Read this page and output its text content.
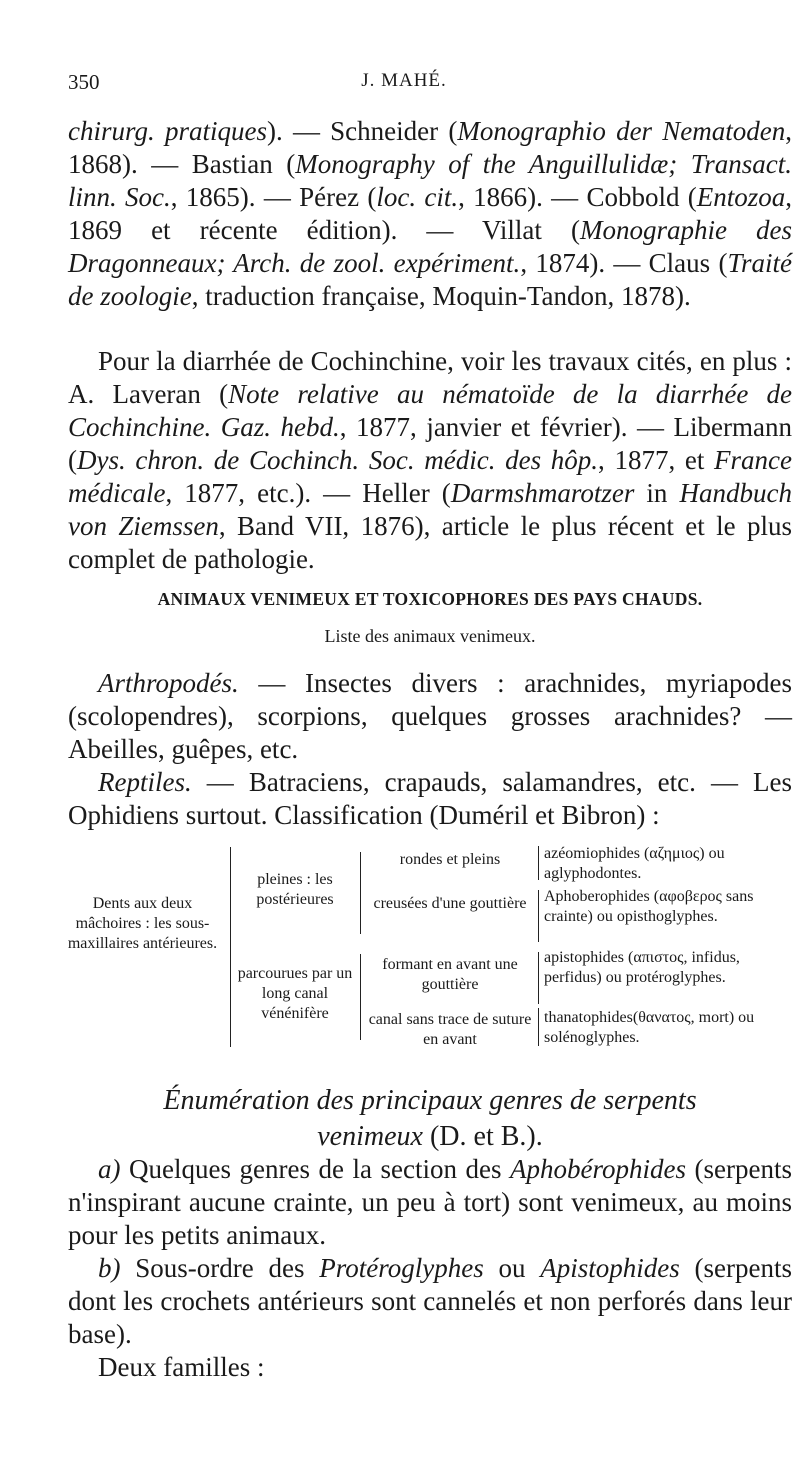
350	J. MAHÉ.

chirurg. pratiques). — Schneider (Monographio der Nematoden, 1868). — Bastian (Monography of the Anguillulidæ; Transact. linn. Soc., 1865). — Pérez (loc. cit., 1866). — Cobbold (Entozoa, 1869 et récente édition). — Villat (Monographie des Dragonneaux; Arch. de zool. expériment., 1874). — Claus (Traité de zoologie, traduction française, Moquin-Tandon, 1878).

Pour la diarrhée de Cochinchine, voir les travaux cités, en plus : A. Laveran (Note relative au nématoïde de la diarrhée de Cochinchine. Gaz. hebd., 1877, janvier et février). — Libermann (Dys. chron. de Cochinch. Soc. médic. des hôp., 1877, et France médicale, 1877, etc.). — Heller (Darmshmarotzer in Handbuch von Ziemssen, Band VII, 1876), article le plus récent et le plus complet de pathologie.

ANIMAUX VENIMEUX ET TOXICOPHORES DES PAYS CHAUDS.
Liste des animaux venimeux.

Arthropodés. — Insectes divers : arachnides, myriapodes (scolopendres), scorpions, quelques grosses arachnides? — Abeilles, guêpes, etc.

Reptiles. — Batraciens, crapauds, salamandres, etc. — Les Ophidiens surtout. Classification (Duméril et Bibron) :

Dents aux deux mâchoires : les sous-maxillaires antérieures.
pleines : les postérieures
parcourues par un long canal vénénifère
rondes et pleins
creusées d'une gouttière
formant en avant une gouttière
canal sans trace de suture en avant
azéomiophides (αζημιος) ou aglyphodontes.
Aphoberophides (αφοβερος sans crainte) ou opisthoglyphes.
apistophides (απιστος, infidus, perfidus) ou protéroglyphes.
thanatophides(θανατος, mort) ou solénoglyphes.
Énumération des principaux genres de serpents
venimeux (D. et B.).

a) Quelques genres de la section des Aphobérophides (serpents n'inspirant aucune crainte, un peu à tort) sont venimeux, au moins pour les petits animaux.

b) Sous-ordre des Protéroglyphes ou Apistophides (serpents dont les crochets antérieurs sont cannelés et non perforés dans leur base).

Deux familles :
